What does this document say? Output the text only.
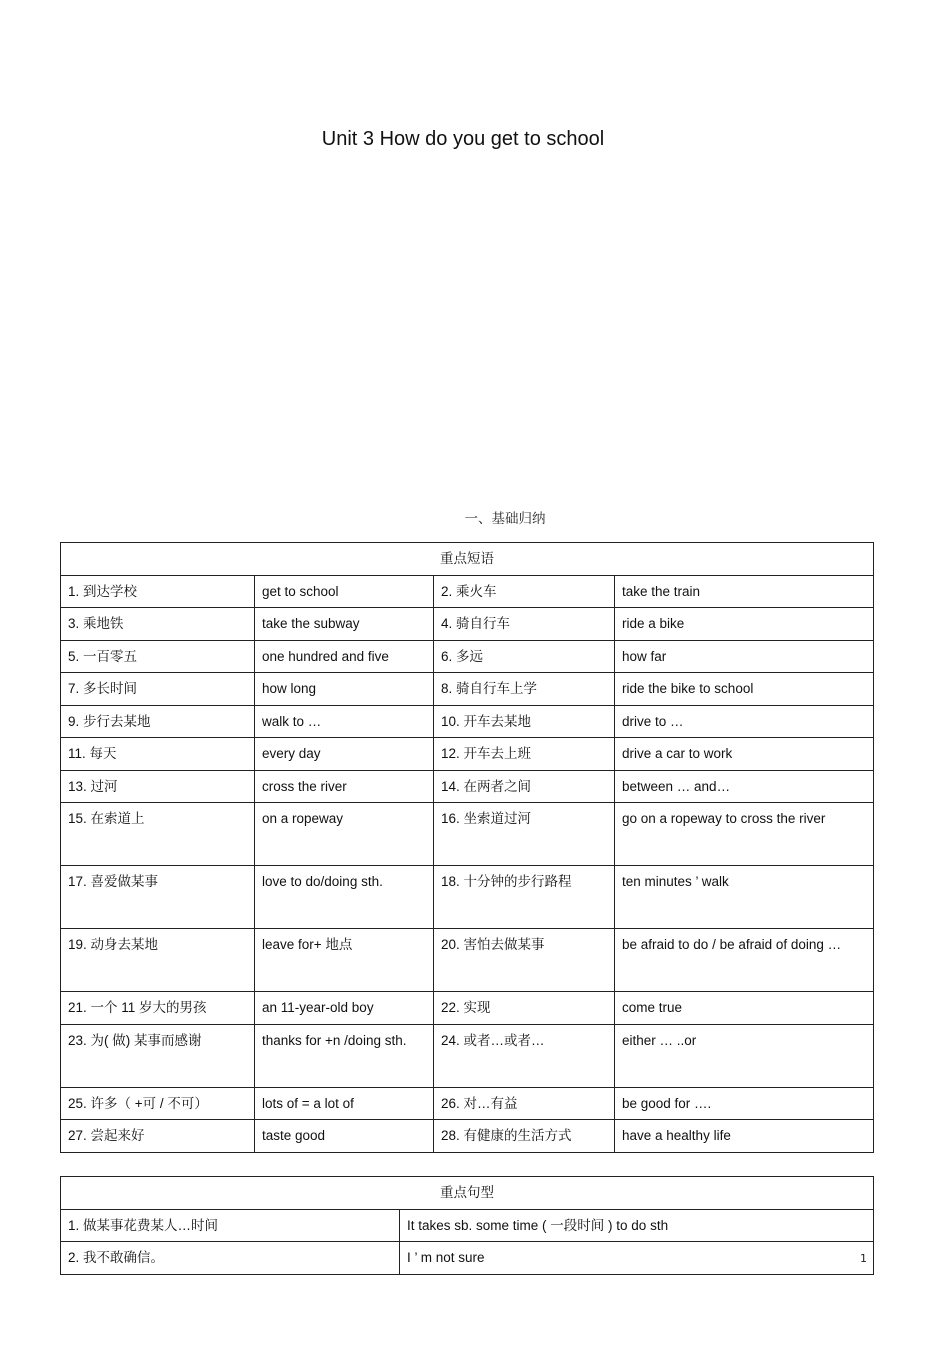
Unit 3 How do you get to school
一、基础归纳
重点短语			
1. 到达学校	get to school	2. 乘火车	take the train
3. 乘地铁	take the subway	4. 骑自行车	ride a bike
5. 一百零五	one hundred and five	6. 多远	how far
7. 多长时间	how long	8. 骑自行车上学	ride the bike to school
9. 步行去某地	walk to …	10. 开车去某地	drive to …
11. 每天	every day	12. 开车去上班	drive a car to work
13. 过河	cross the river	14. 在两者之间	between … and…
15. 在索道上	on a ropeway	16. 坐索道过河	go on a ropeway to cross the river
17. 喜爱做某事	love to do/doing sth.	18. 十分钟的步行路程	ten minutes ’ walk
19. 动身去某地	leave for+ 地点	20. 害怕去做某事	be afraid to do / be afraid of doing …
21. 一个 11 岁大的男孩	an 11-year-old boy	22. 实现	come true
23. 为( 做) 某事而感谢	thanks for +n /doing sth.	24. 或者…或者…	either … ..or
25. 许多（ +可 / 不可）	lots of = a lot of	26. 对…有益	be good for ….
27. 尝起来好	taste good	28. 有健康的生活方式	have a healthy life
重点句型	
1. 做某事花费某人…时间	It takes sb. some time ( 一段时间 ) to do sth
2. 我不敢确信。	I ’ m not sure	1
